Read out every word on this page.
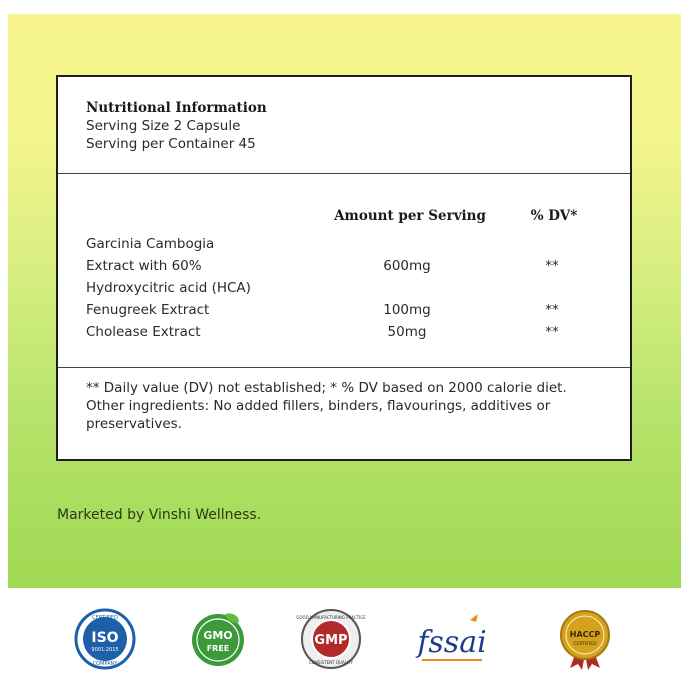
Nutritional Information
Serving Size 2 Capsule
Serving per Container 45
Amount per Serving	% DV*
Garcinia Cambogia
Extract with 60%	600mg	**
Hydroxycitric acid (HCA)
Fenugreek Extract	100mg	**
Cholease Extract	50mg	**
** Daily value (DV) not established; * % DV based on 2000 calorie diet.
Other ingredients: No added fillers, binders, flavourings, additives or
preservatives.
Marketed by Vinshi Wellness.
CERTIFIED
ISO
9001:2015
COMPANY
GMO
FREE
GOOD MANUFACTURING PRACTICE
GMP
CONSISTENT QUALITY
fssai	HACCP
CERTIFIED
